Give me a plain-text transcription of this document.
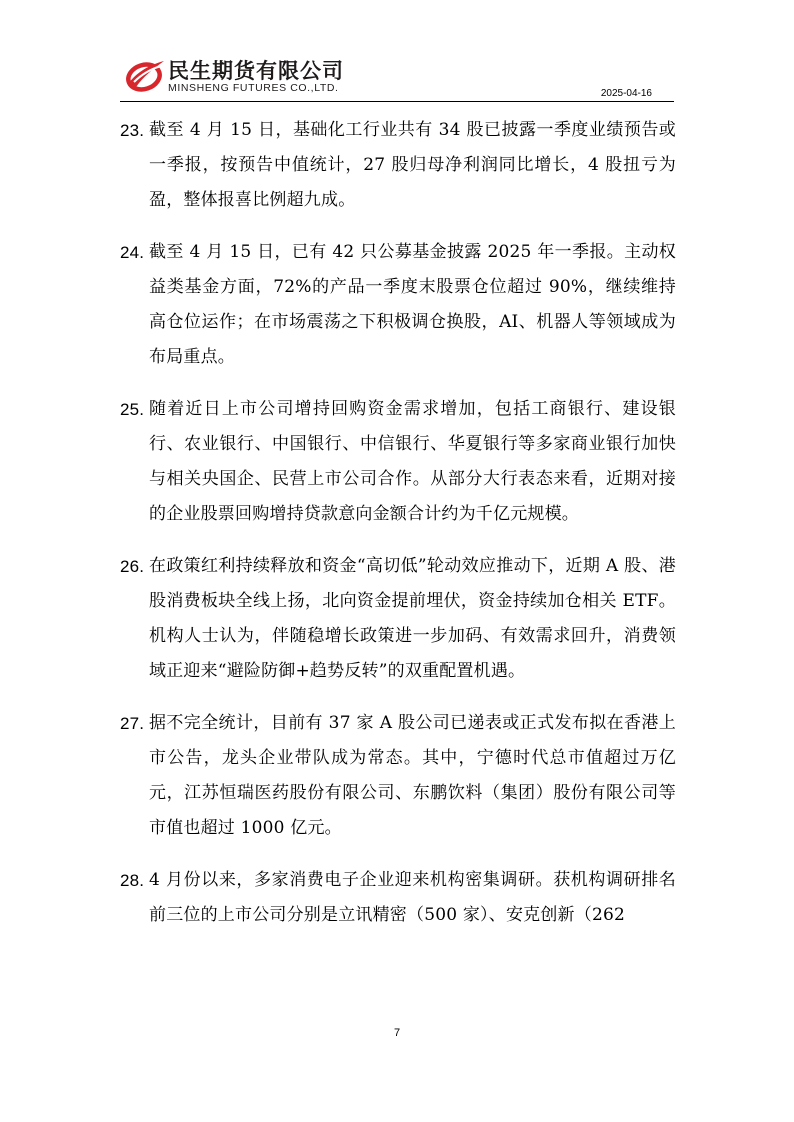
民生期货有限公司
MINSHENG FUTURES CO.,LTD.	2025-04-16
23. 截至 4 月 15 日，基础化工行业共有 34 股已披露一季度业绩预告或一季报，按预告中值统计，27 股归母净利润同比增长，4 股扭亏为盈，整体报喜比例超九成。
24. 截至 4 月 15 日，已有 42 只公募基金披露 2025 年一季报。主动权益类基金方面，72%的产品一季度末股票仓位超过 90%，继续维持高仓位运作；在市场震荡之下积极调仓换股，AI、机器人等领域成为布局重点。
25. 随着近日上市公司增持回购资金需求增加，包括工商银行、建设银行、农业银行、中国银行、中信银行、华夏银行等多家商业银行加快与相关央国企、民营上市公司合作。从部分大行表态来看，近期对接的企业股票回购增持贷款意向金额合计约为千亿元规模。
26. 在政策红利持续释放和资金“高切低”轮动效应推动下，近期 A 股、港股消费板块全线上扬，北向资金提前埋伏，资金持续加仓相关 ETF。机构人士认为，伴随稳增长政策进一步加码、有效需求回升，消费领域正迎来“避险防御+趋势反转”的双重配置机遇。
27. 据不完全统计，目前有 37 家 A 股公司已递表或正式发布拟在香港上市公告，龙头企业带队成为常态。其中，宁德时代总市值超过万亿元，江苏恒瑞医药股份有限公司、东鹏饮料（集团）股份有限公司等市值也超过 1000 亿元。
28. 4 月份以来，多家消费电子企业迎来机构密集调研。获机构调研排名前三位的上市公司分别是立讯精密（500 家）、安克创新（262
7
